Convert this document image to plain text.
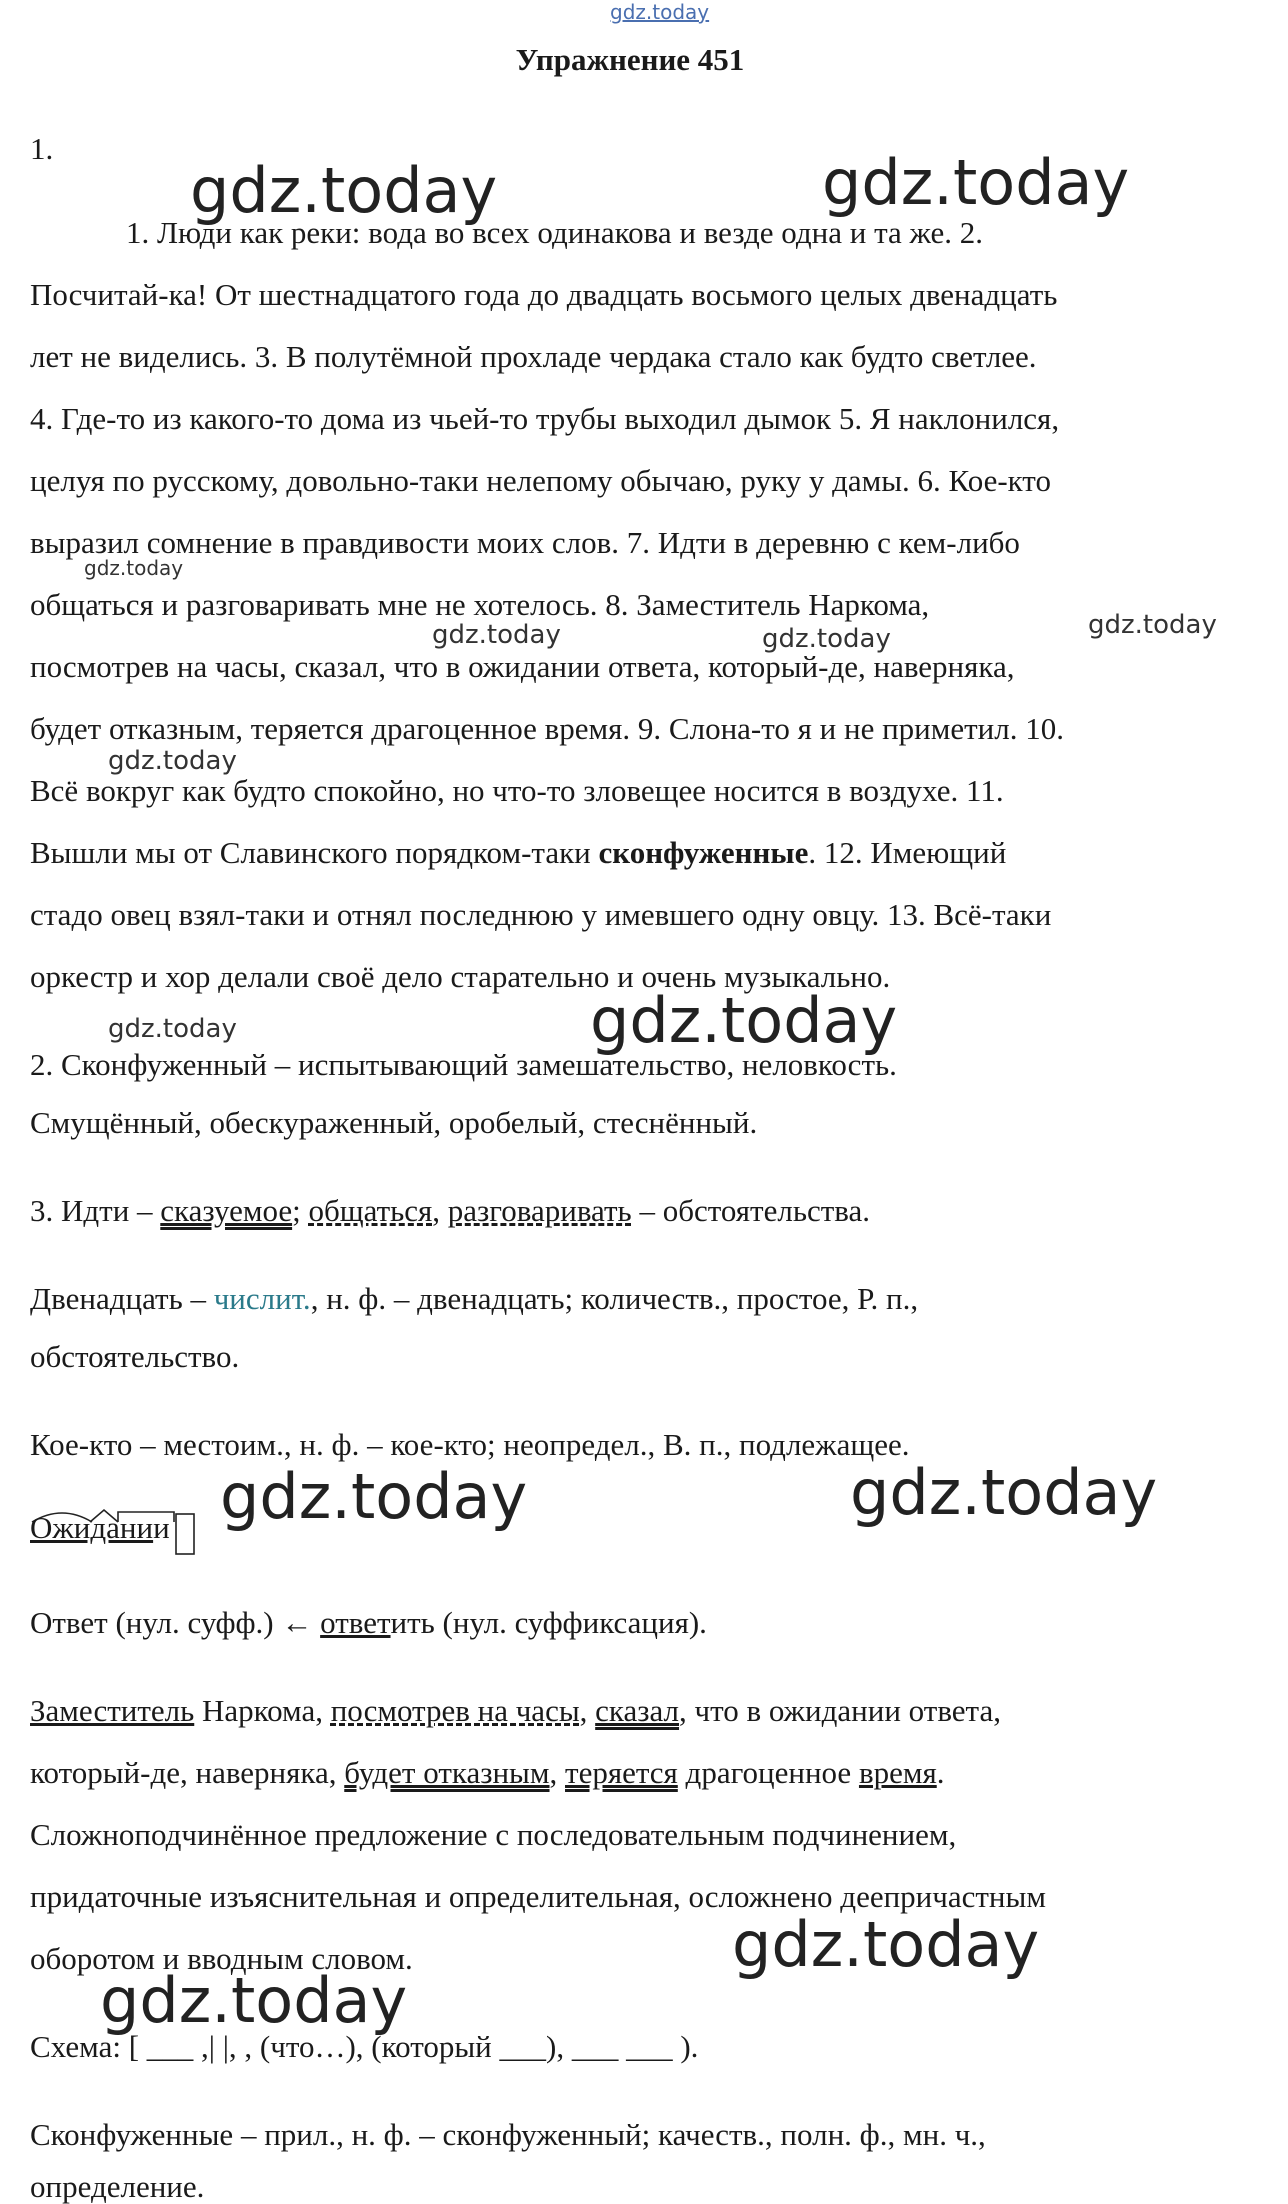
gdz.today
gdz.today	gdz.today
gdz.today
gdz.today	gdz.today	gdz.today
gdz.today
gdz.today	gdz.today
gdz.today	gdz.today
gdz.today
gdz.today
Упражнение 451
1.
1. Люди как реки: вода во всех одинакова и везде одна и та же. 2.
Посчитай-ка! От шестнадцатого года до двадцать восьмого целых двенадцать
лет не виделись. 3. В полутёмной прохладе чердака стало как будто светлее.
4. Где-то из какого-то дома из чьей-то трубы выходил дымок 5. Я наклонился,
целуя по русскому, довольно-таки нелепому обычаю, руку у дамы. 6. Кое-кто
выразил сомнение в правдивости моих слов. 7. Идти в деревню с кем-либо
общаться и разговаривать мне не хотелось. 8. Заместитель Наркома,
посмотрев на часы, сказал, что в ожидании ответа, который-де, наверняка,
будет отказным, теряется драгоценное время. 9. Слона-то я и не приметил. 10.
Всё вокруг как будто спокойно, но что-то зловещее носится в воздухе. 11.
Вышли мы от Славинского порядком-таки сконфуженные. 12. Имеющий
стадо овец взял-таки и отнял последнюю у имевшего одну овцу. 13. Всё-таки
оркестр и хор делали своё дело старательно и очень музыкально.
2. Сконфуженный – испытывающий замешательство, неловкость.
Смущённый, обескураженный, оробелый, стеснённый.
3. Идти – сказуемое; общаться, разговаривать – обстоятельства.
Двенадцать – числит., н. ф. – двенадцать; количеств., простое, Р. п.,
обстоятельство.
Кое-кто – местоим., н. ф. – кое-кто; неопредел., В. п., подлежащее.
Ожидании
Ответ (нул. суфф.) ← ответить (нул. суффиксация).
Заместитель Наркома, посмотрев на часы, сказал, что в ожидании ответа,
который-де, наверняка, будет отказным, теряется драгоценное время.
Сложноподчинённое предложение с последовательным подчинением,
придаточные изъяснительная и определительная, осложнено деепричастным
оборотом и вводным словом.
Схема: [ ___ ,| |, , (что…), (который ___), ___ ___ ).
Сконфуженные – прил., н. ф. – сконфуженный; качеств., полн. ф., мн. ч.,
определение.
